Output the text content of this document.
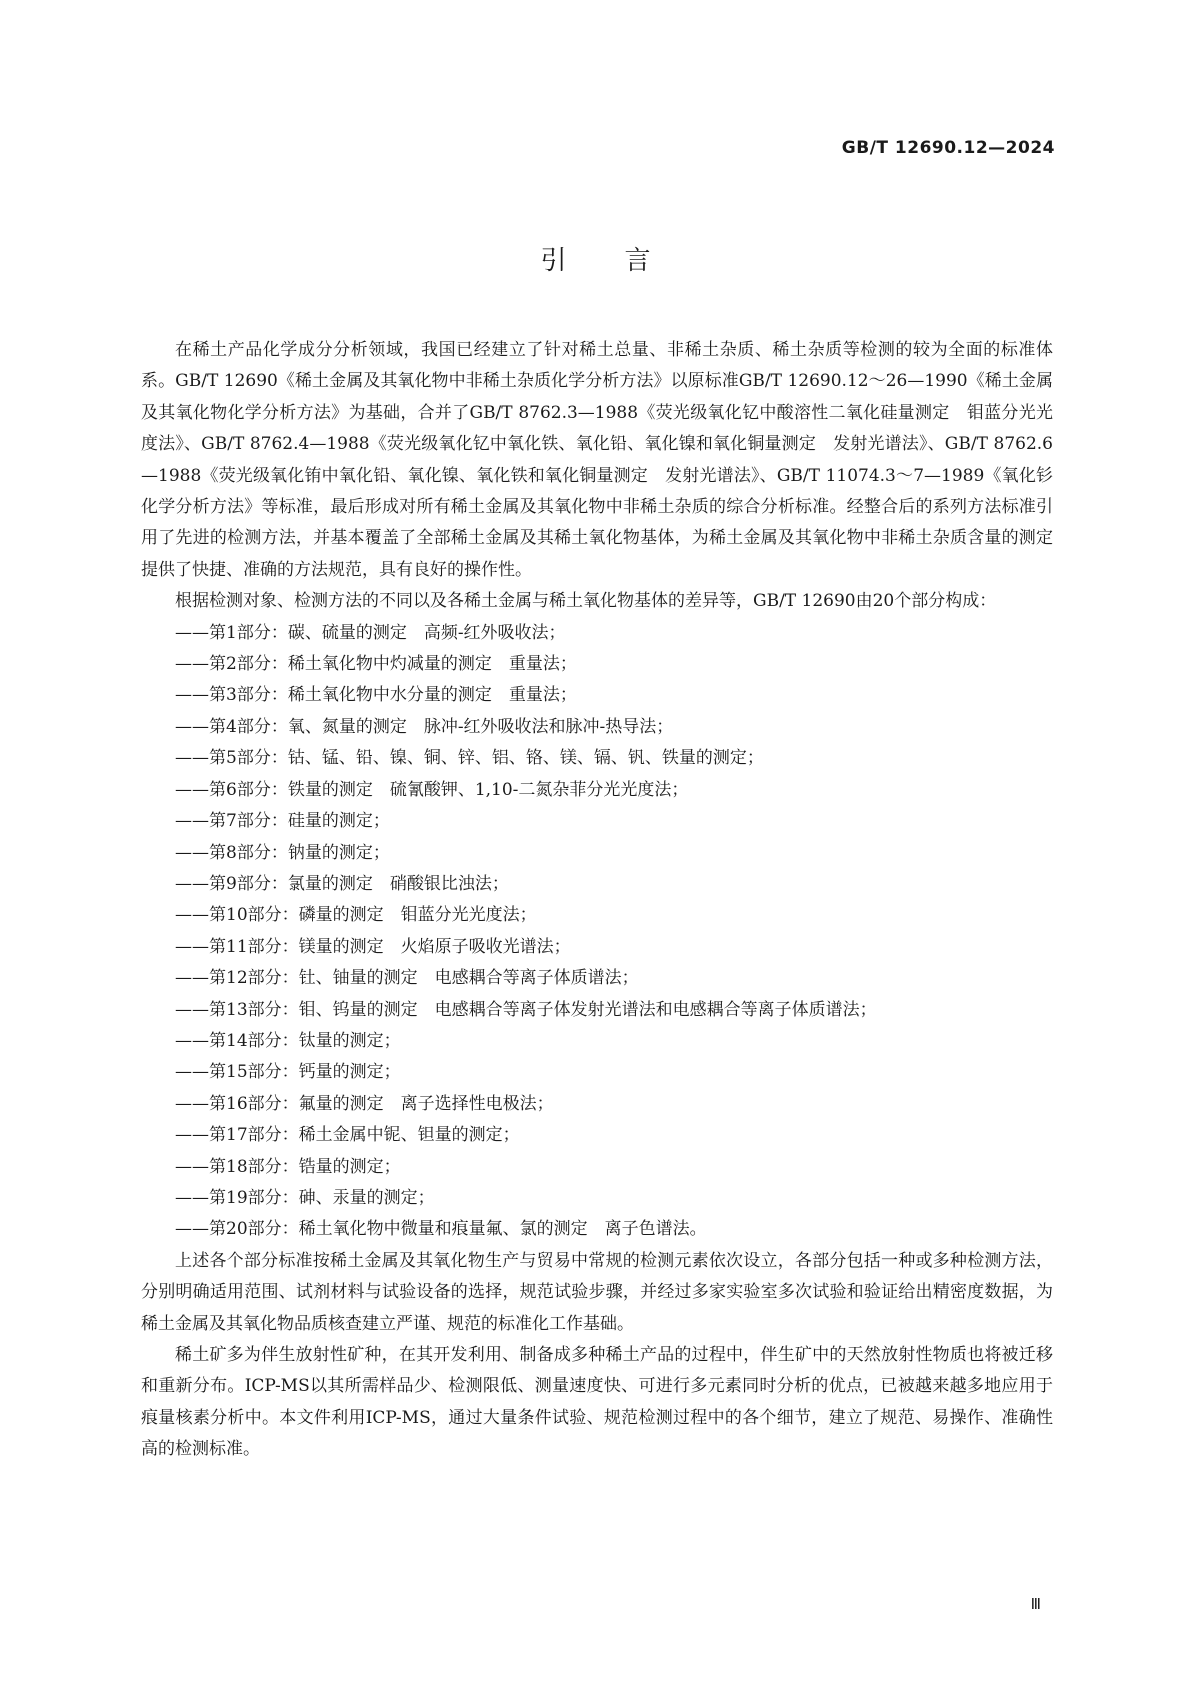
GB/T 12690.12—2024
引言

在稀土产品化学成分分析领域，我国已经建立了针对稀土总量、非稀土杂质、稀土杂质等检测的较为全面的标准体系。GB/T 12690《稀土金属及其氧化物中非稀土杂质化学分析方法》以原标准GB/T 12690.12～26—1990《稀土金属及其氧化物化学分析方法》为基础，合并了GB/T 8762.3—1988《荧光级氧化钇中酸溶性二氧化硅量测定　钼蓝分光光度法》、GB/T 8762.4—1988《荧光级氧化钇中氧化铁、氧化铅、氧化镍和氧化铜量测定　发射光谱法》、GB/T 8762.6—1988《荧光级氧化铕中氧化铅、氧化镍、氧化铁和氧化铜量测定　发射光谱法》、GB/T 11074.3～7—1989《氧化钐化学分析方法》等标准，最后形成对所有稀土金属及其氧化物中非稀土杂质的综合分析标准。经整合后的系列方法标准引用了先进的检测方法，并基本覆盖了全部稀土金属及其稀土氧化物基体，为稀土金属及其氧化物中非稀土杂质含量的测定提供了快捷、准确的方法规范，具有良好的操作性。

根据检测对象、检测方法的不同以及各稀土金属与稀土氧化物基体的差异等，GB/T 12690由20个部分构成：

——第1部分：碳、硫量的测定　高频-红外吸收法；
——第2部分：稀土氧化物中灼减量的测定　重量法；
——第3部分：稀土氧化物中水分量的测定　重量法；
——第4部分：氧、氮量的测定　脉冲-红外吸收法和脉冲-热导法；
——第5部分：钴、锰、铅、镍、铜、锌、铝、铬、镁、镉、钒、铁量的测定；
——第6部分：铁量的测定　硫氰酸钾、1,10-二氮杂菲分光光度法；
——第7部分：硅量的测定；
——第8部分：钠量的测定；
——第9部分：氯量的测定　硝酸银比浊法；
——第10部分：磷量的测定　钼蓝分光光度法；
——第11部分：镁量的测定　火焰原子吸收光谱法；
——第12部分：钍、铀量的测定　电感耦合等离子体质谱法；
——第13部分：钼、钨量的测定　电感耦合等离子体发射光谱法和电感耦合等离子体质谱法；
——第14部分：钛量的测定；
——第15部分：钙量的测定；
——第16部分：氟量的测定　离子选择性电极法；
——第17部分：稀土金属中铌、钽量的测定；
——第18部分：锆量的测定；
——第19部分：砷、汞量的测定；
——第20部分：稀土氧化物中微量和痕量氟、氯的测定　离子色谱法。

上述各个部分标准按稀土金属及其氧化物生产与贸易中常规的检测元素依次设立，各部分包括一种或多种检测方法，分别明确适用范围、试剂材料与试验设备的选择，规范试验步骤，并经过多家实验室多次试验和验证给出精密度数据，为稀土金属及其氧化物品质核查建立严谨、规范的标准化工作基础。

稀土矿多为伴生放射性矿种，在其开发利用、制备成多种稀土产品的过程中，伴生矿中的天然放射性物质也将被迁移和重新分布。ICP-MS以其所需样品少、检测限低、测量速度快、可进行多元素同时分析的优点，已被越来越多地应用于痕量核素分析中。本文件利用ICP-MS，通过大量条件试验、规范检测过程中的各个细节，建立了规范、易操作、准确性高的检测标准。

Ⅲ
